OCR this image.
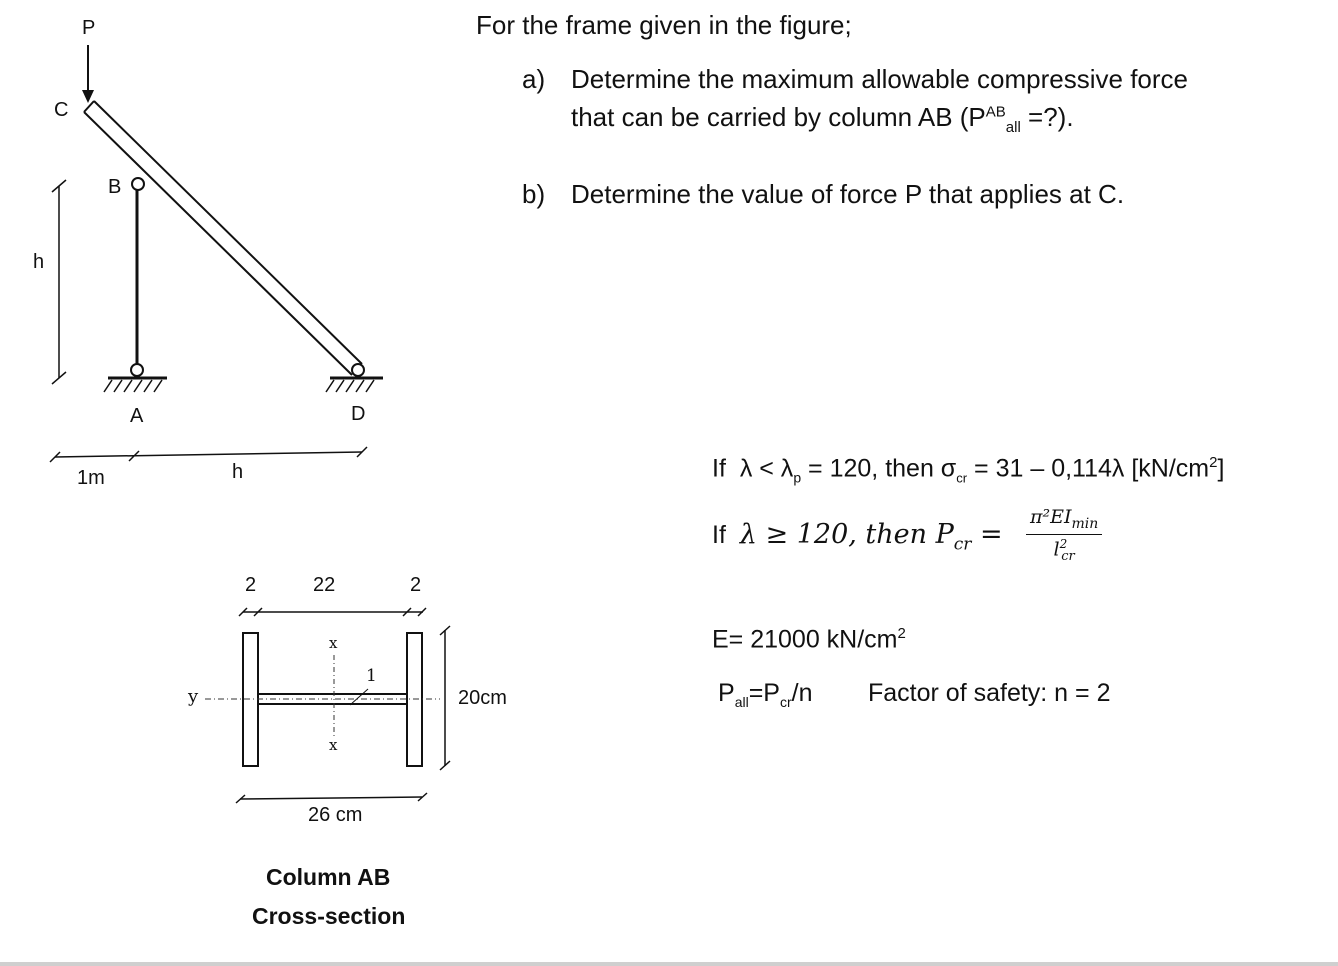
P
C
B
A	D
h
1m	h
2	22	2
x
x
y
1
20cm
26 cm
Column AB
Cross-section
For the frame given in the figure;
a) Determine the maximum allowable compressive force
that can be carried by column AB ($P^{AB}_{all}$ =?).
b) Determine the value of force P that applies at C.
If $\lambda < \lambda_p = 120$, then $\sigma_{cr} = 31 - 0,114\lambda$ $[kN/cm^2]$
If λ ≥ 120, then $P_{cr}$ =
$\pi^2EI_{min}$
$l^2_{cr}$
E= 21000 $kN/cm^2$
$P_{all}=P_{cr}/n$ Factor of safety: n = 2
